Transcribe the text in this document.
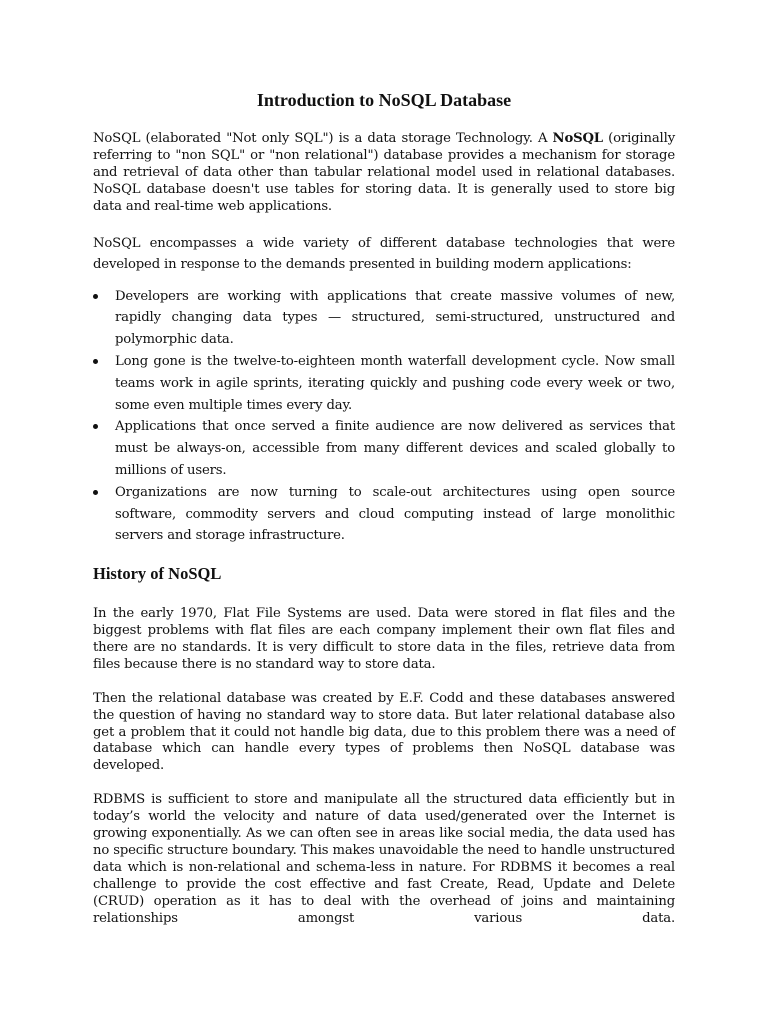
Introduction to NoSQL Database

NoSQL (elaborated "Not only SQL") is a data storage Technology. A NoSQL (originally referring to "non SQL" or "non relational") database provides a mechanism for storage and retrieval of data other than tabular relational model used in relational databases. NoSQL database doesn't use tables for storing data. It is generally used to store big data and real-time web applications.

NoSQL encompasses a wide variety of different database technologies that were developed in response to the demands presented in building modern applications:

Developers are working with applications that create massive volumes of new, rapidly changing data types — structured, semi-structured, unstructured and polymorphic data.
Long gone is the twelve-to-eighteen month waterfall development cycle. Now small teams work in agile sprints, iterating quickly and pushing code every week or two, some even multiple times every day.
Applications that once served a finite audience are now delivered as services that must be always-on, accessible from many different devices and scaled globally to millions of users.
Organizations are now turning to scale-out architectures using open source software, commodity servers and cloud computing instead of large monolithic servers and storage infrastructure.
History of NoSQL

In the early 1970, Flat File Systems are used. Data were stored in flat files and the biggest problems with flat files are each company implement their own flat files and there are no standards. It is very difficult to store data in the files, retrieve data from files because there is no standard way to store data.

Then the relational database was created by E.F. Codd and these databases answered the question of having no standard way to store data. But later relational database also get a problem that it could not handle big data, due to this problem there was a need of database which can handle every types of problems then NoSQL database was developed.

RDBMS is sufficient to store and manipulate all the structured data efficiently but in today’s world the velocity and nature of data used/generated over the Internet is growing exponentially. As we can often see in areas like social media, the data used has no specific structure boundary. This makes unavoidable the need to handle unstructured data which is non-relational and schema-less in nature. For RDBMS it becomes a real challenge to provide the cost effective and fast Create, Read, Update and Delete (CRUD) operation as it has to deal with the overhead of joins and maintaining relationships amongst various data.
